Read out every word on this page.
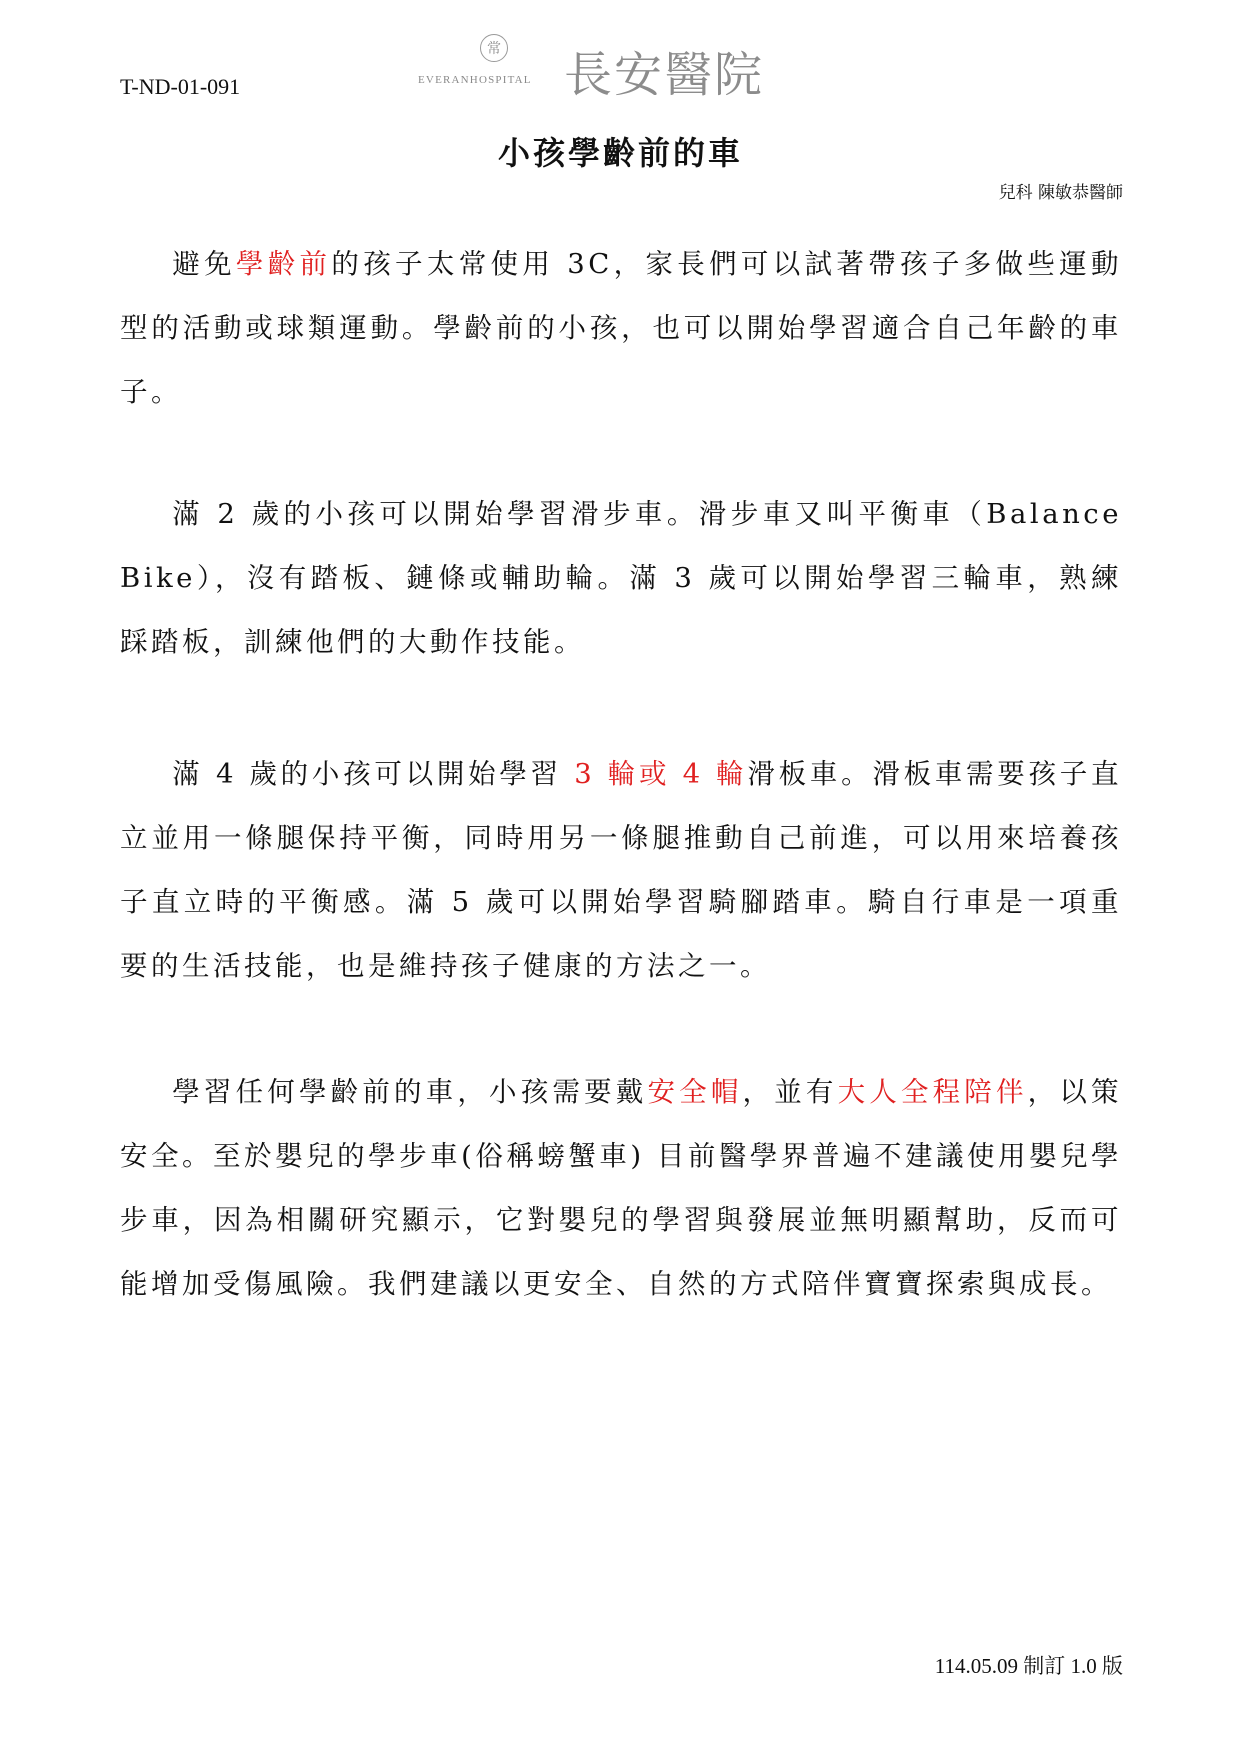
T-ND-01-091
常
EVERANHOSPITAL 長安醫院
小孩學齡前的車
兒科 陳敏恭醫師

避免學齡前的孩子太常使用 3C，家長們可以試著帶孩子多做些運動型的活動或球類運動。學齡前的小孩，也可以開始學習適合自己年齡的車子。

滿 2 歲的小孩可以開始學習滑步車。滑步車又叫平衡車（Balance Bike），沒有踏板、鏈條或輔助輪。滿 3 歲可以開始學習三輪車，熟練踩踏板，訓練他們的大動作技能。

滿 4 歲的小孩可以開始學習 3 輪或 4 輪滑板車。滑板車需要孩子直立並用一條腿保持平衡，同時用另一條腿推動自己前進，可以用來培養孩子直立時的平衡感。滿 5 歲可以開始學習騎腳踏車。騎自行車是一項重要的生活技能，也是維持孩子健康的方法之一。

學習任何學齡前的車，小孩需要戴安全帽，並有大人全程陪伴，以策安全。至於嬰兒的學步車(俗稱螃蟹車) 目前醫學界普遍不建議使用嬰兒學步車，因為相關研究顯示，它對嬰兒的學習與發展並無明顯幫助，反而可能增加受傷風險。我們建議以更安全、自然的方式陪伴寶寶探索與成長。

114.05.09 制訂 1.0 版
